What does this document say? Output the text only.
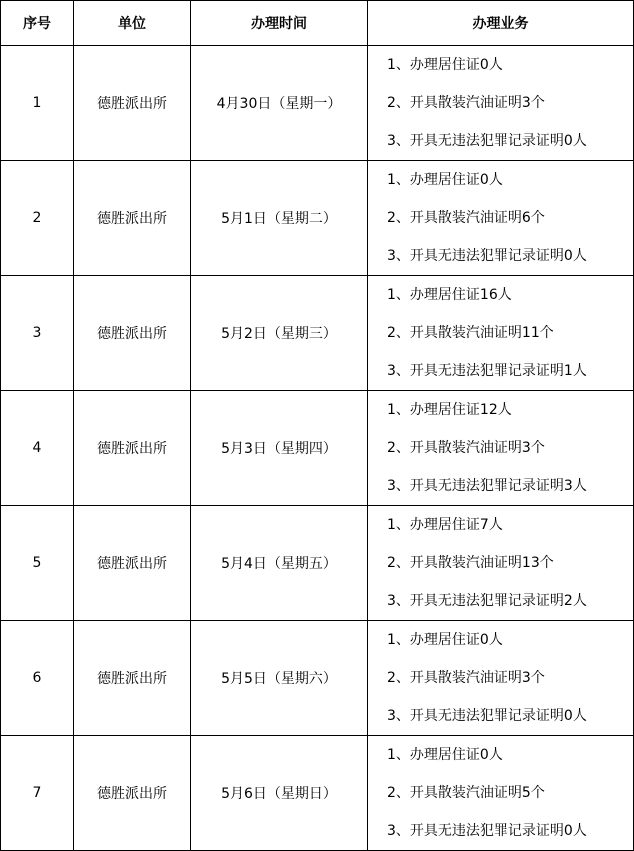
序号	单位	办理时间	办理业务
1	德胜派出所	4月30日（星期一）	1、办理居住证0人
2、开具散装汽油证明3个
3、开具无违法犯罪记录证明0人

2	德胜派出所	5月1日（星期二）	1、办理居住证0人
2、开具散装汽油证明6个
3、开具无违法犯罪记录证明0人

3	德胜派出所	5月2日（星期三）	1、办理居住证16人
2、开具散装汽油证明11个
3、开具无违法犯罪记录证明1人

4	德胜派出所	5月3日（星期四）	1、办理居住证12人
2、开具散装汽油证明3个
3、开具无违法犯罪记录证明3人

5	德胜派出所	5月4日（星期五）	1、办理居住证7人
2、开具散装汽油证明13个
3、开具无违法犯罪记录证明2人

6	德胜派出所	5月5日（星期六）	1、办理居住证0人
2、开具散装汽油证明3个
3、开具无违法犯罪记录证明0人

7	德胜派出所	5月6日（星期日）	1、办理居住证0人
2、开具散装汽油证明5个
3、开具无违法犯罪记录证明0人
